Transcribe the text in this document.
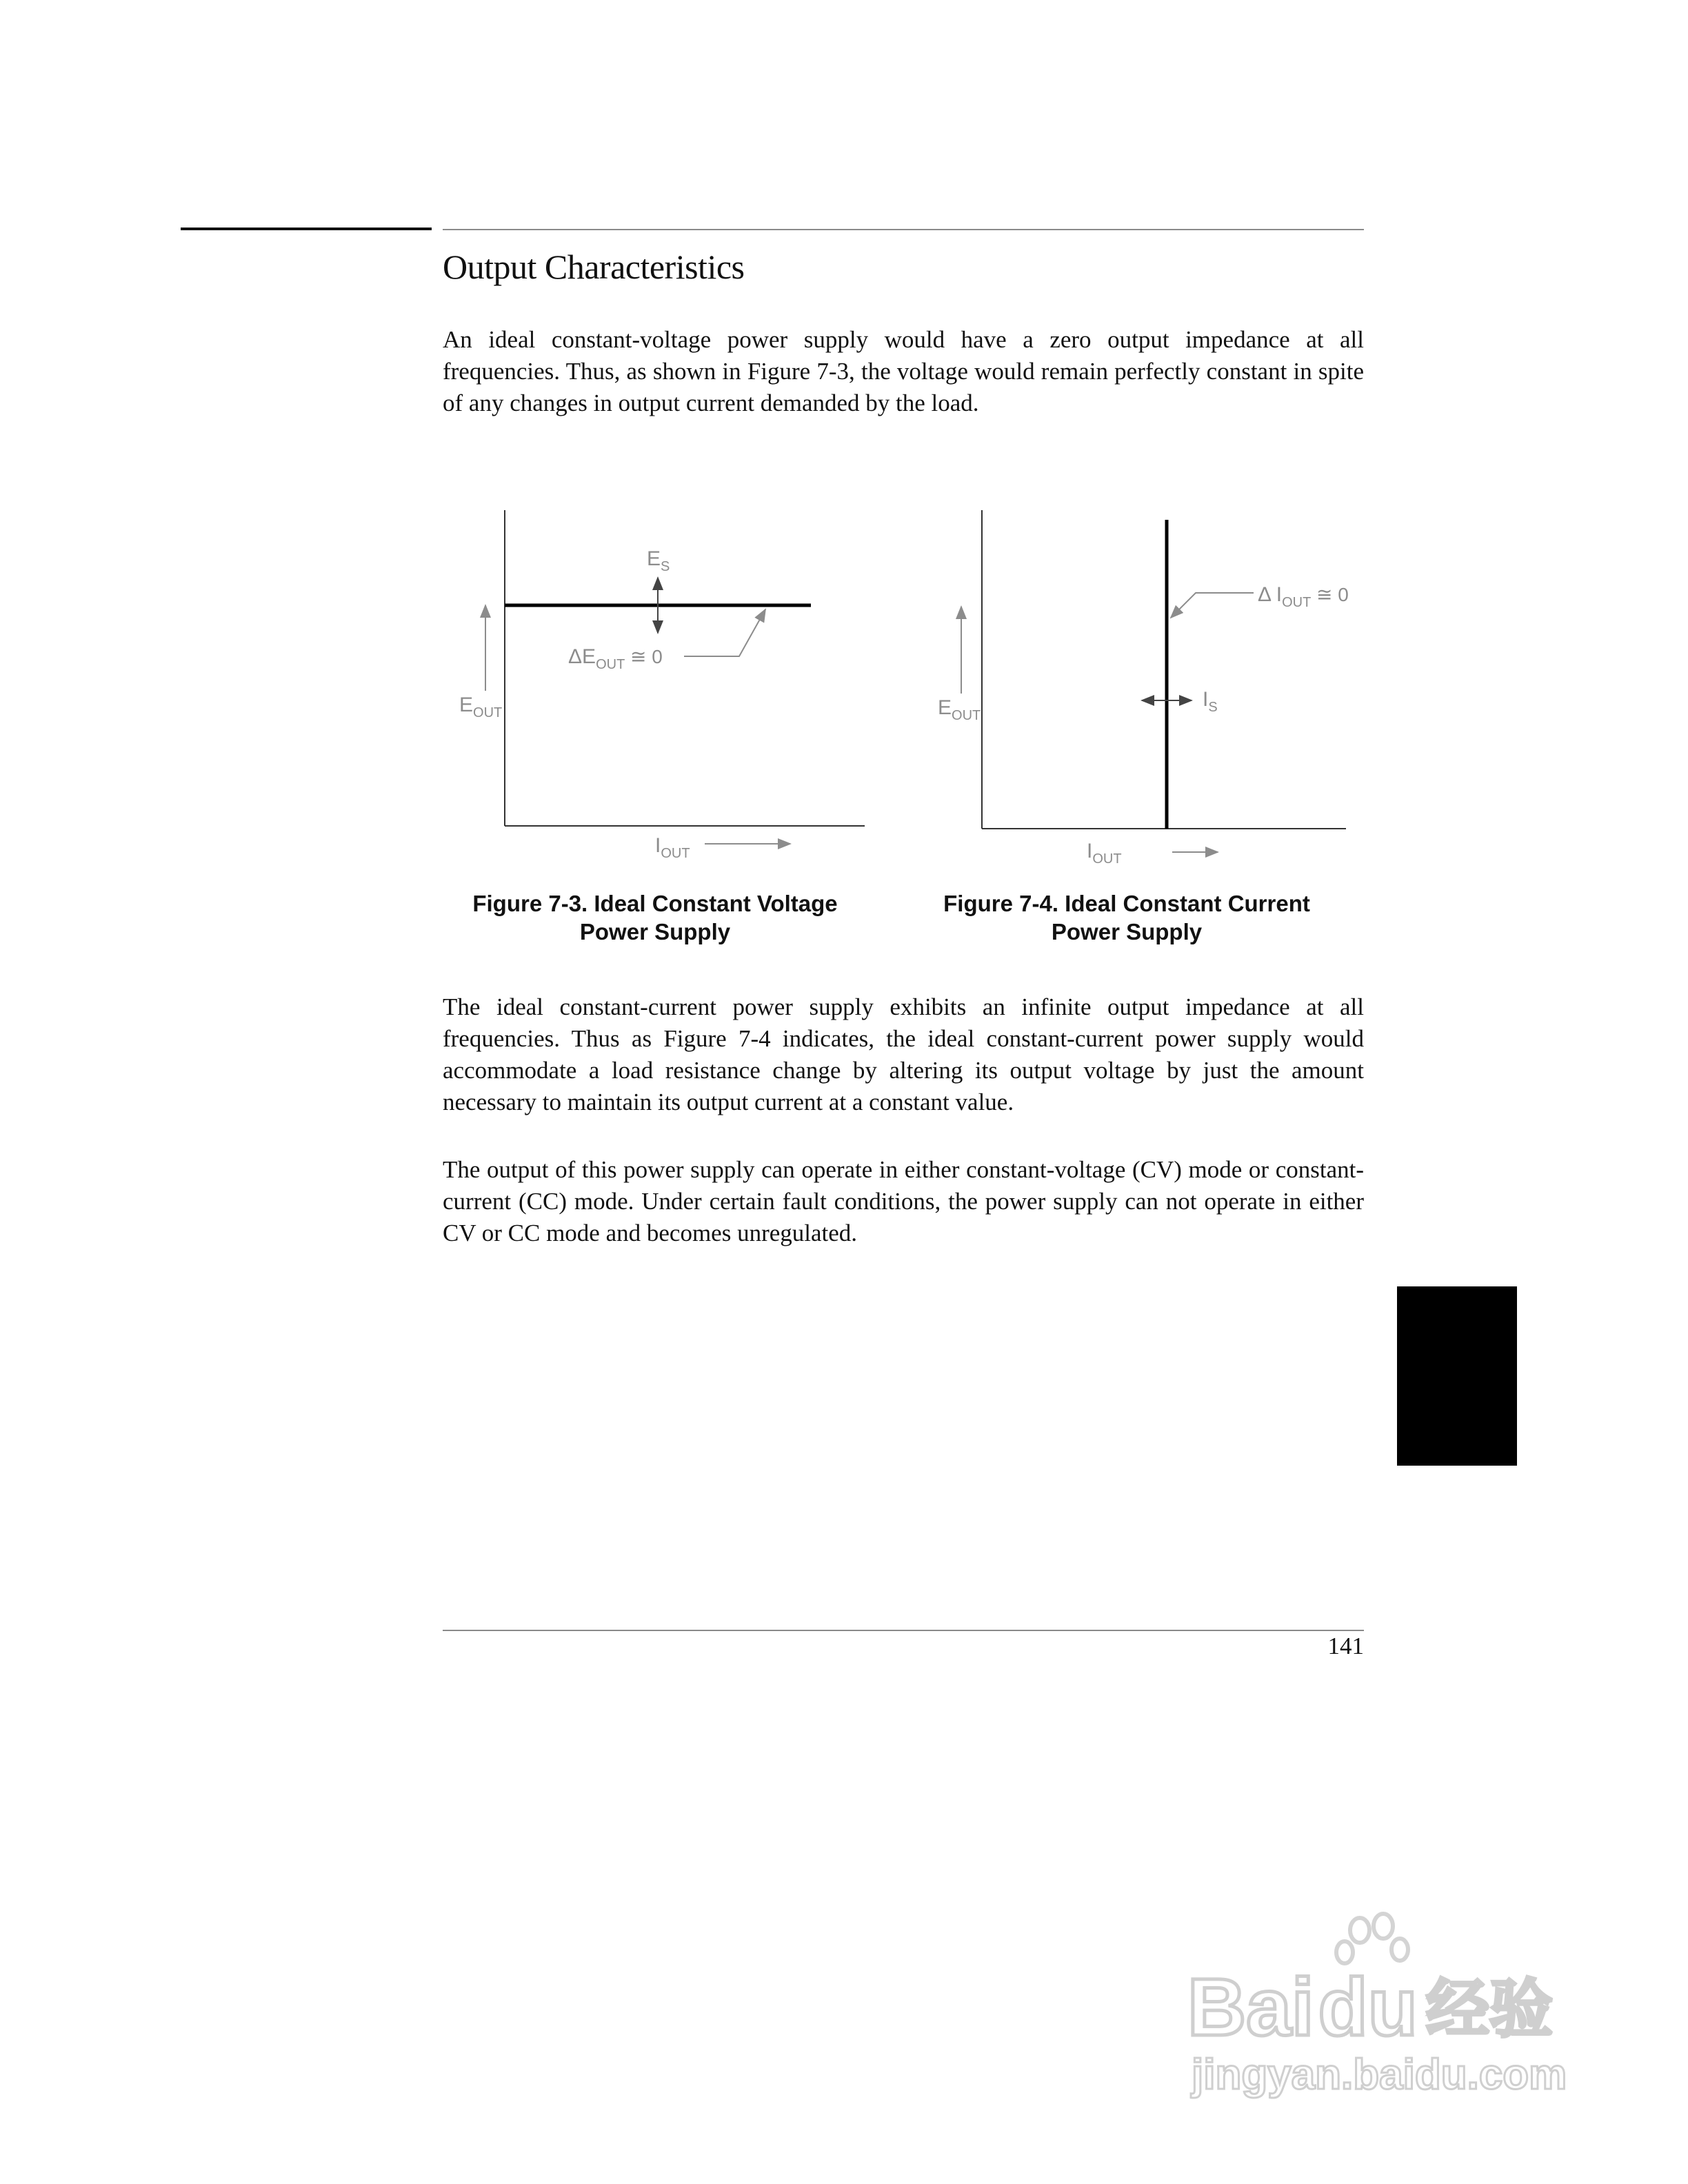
Output Characteristics

An ideal constant-voltage power supply would have a zero output impedance at all frequencies. Thus, as shown in Figure 7-3, the voltage would remain perfectly constant in spite of any changes in output current demanded by the load.

$E_S$
$\Delta E_{OUT}$ ≅ 0
$E_{OUT}$
$I_{OUT}$
Δ $I_{OUT}$ ≅ 0
$I_S$
$E_{OUT}$
$I_{OUT}$
Figure 7-3. Ideal Constant Voltage
Power Supply
Figure 7-4. Ideal Constant Current
Power Supply

The ideal constant-current power supply exhibits an infinite output impedance at all frequencies. Thus as Figure 7-4 indicates, the ideal constant-current power supply would accommodate a load resistance change by altering its output voltage by just the amount necessary to maintain its output current at a constant value.

The output of this power supply can operate in either constant-voltage (CV) mode or constant-current (CC) mode. Under certain fault conditions, the power supply can not operate in either CV or CC mode and becomes unregulated.

141
Baidu 经验
jingyan.baidu.com
